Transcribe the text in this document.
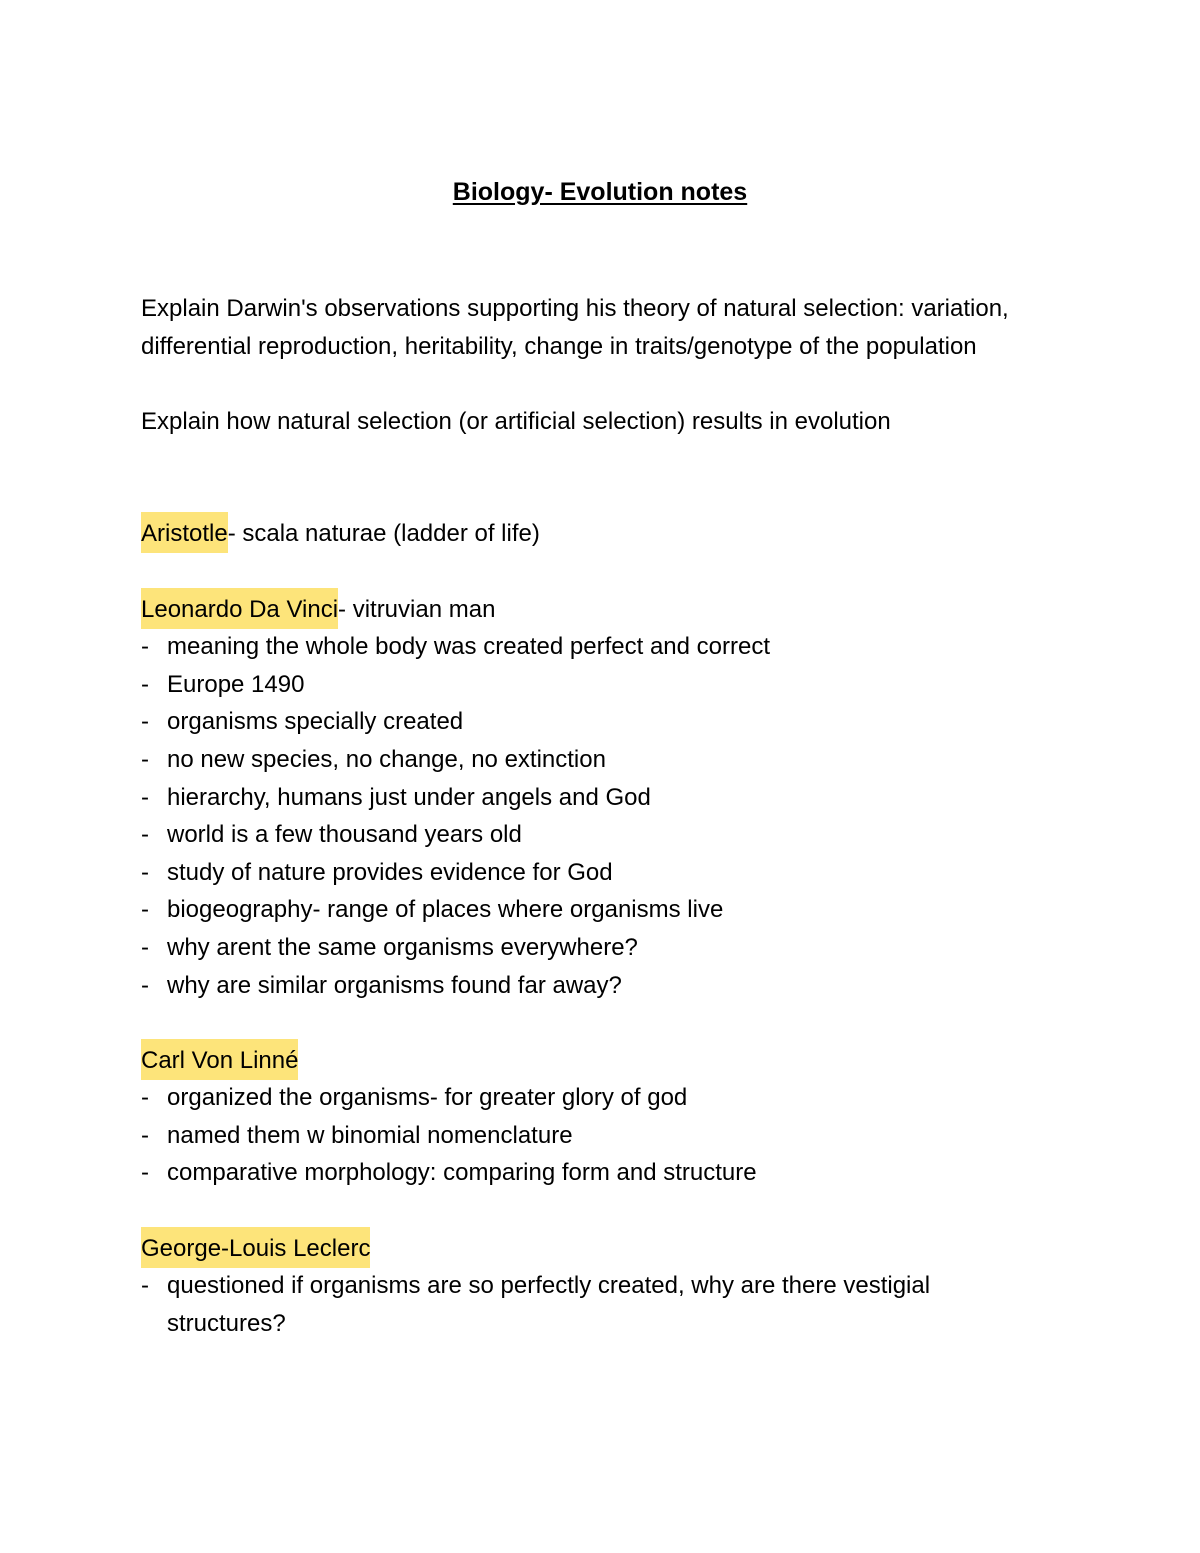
Biology- Evolution notes

Explain Darwin's observations supporting his theory of natural selection: variation, differential reproduction, heritability, change in traits/genotype of the population

Explain how natural selection (or artificial selection) results in evolution

Aristotle- scala naturae (ladder of life)

Leonardo Da Vinci- vitruvian man

- meaning the whole body was created perfect and correct
- Europe 1490
- organisms specially created
- no new species, no change, no extinction
- hierarchy, humans just under angels and God
- world is a few thousand years old
- study of nature provides evidence for God
- biogeography- range of places where organisms live
- why arent the same organisms everywhere?
- why are similar organisms found far away?

Carl Von Linné

- organized the organisms- for greater glory of god
- named them w binomial nomenclature
- comparative morphology: comparing form and structure

George-Louis Leclerc

- questioned if organisms are so perfectly created, why are there vestigial structures?
